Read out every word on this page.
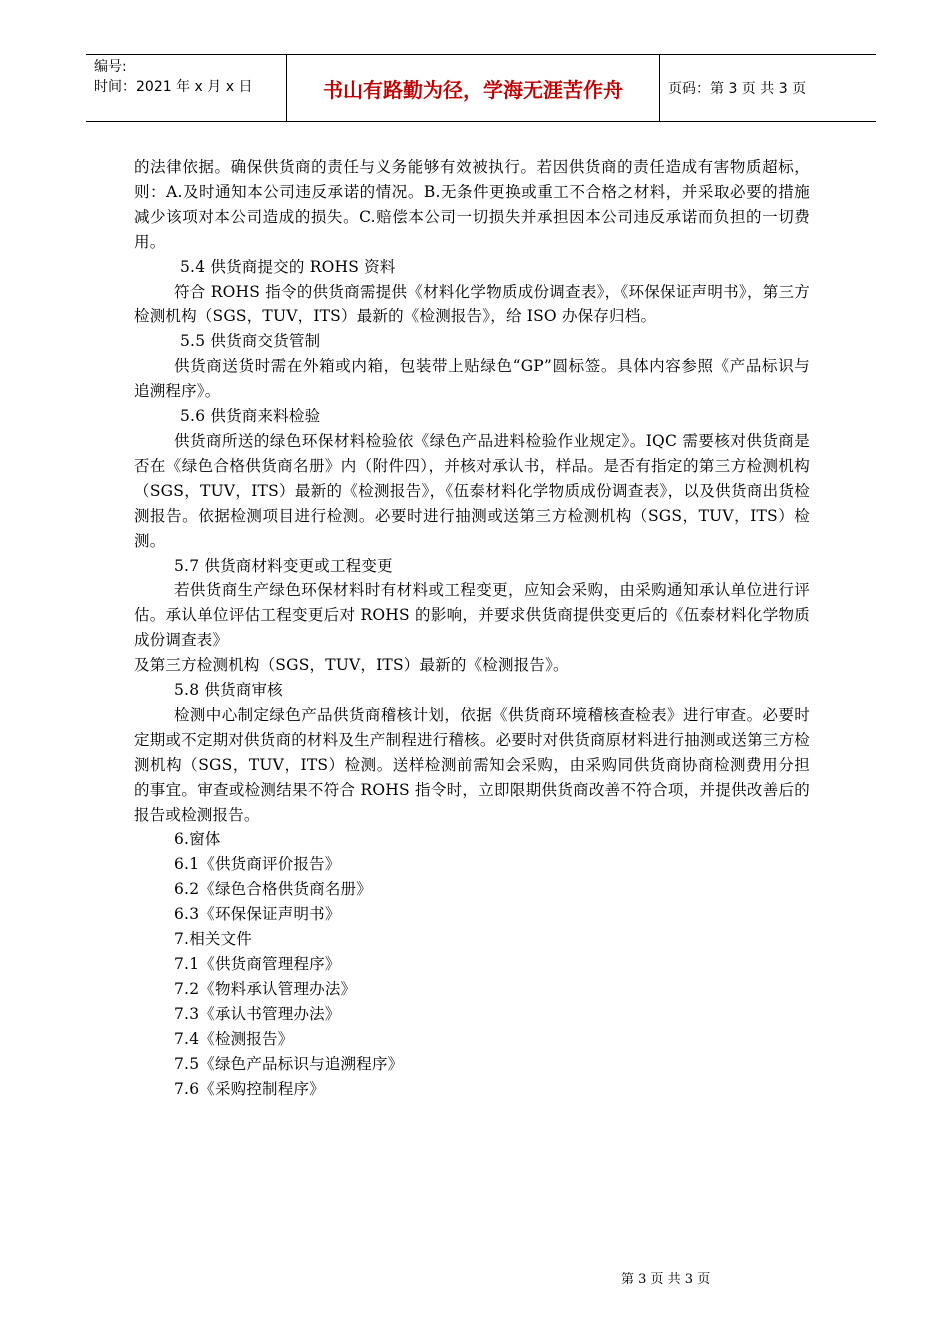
编号:
时间：2021 年 x 月 x 日	书山有路勤为径，学海无涯苦作舟	页码：第 3 页 共 3 页

的法律依据。确保供货商的责任与义务能够有效被执行。若因供货商的责任造成有害物质超标，则：A.及时通知本公司违反承诺的情况。B.无条件更换或重工不合格之材料，并采取必要的措施减少该项对本公司造成的损失。C.赔偿本公司一切损失并承担因本公司违反承诺而负担的一切费用。

5.4 供货商提交的 ROHS 资料

符合 ROHS 指令的供货商需提供《材料化学物质成份调查表》，《环保保证声明书》，第三方检测机构（SGS，TUV，ITS）最新的《检测报告》，给 ISO 办保存归档。

5.5 供货商交货管制

供货商送货时需在外箱或内箱，包装带上贴绿色“GP”圆标签。具体内容参照《产品标识与追溯程序》。

5.6 供货商来料检验

供货商所送的绿色环保材料检验依《绿色产品进料检验作业规定》。IQC 需要核对供货商是否在《绿色合格供货商名册》内（附件四），并核对承认书，样品。是否有指定的第三方检测机构（SGS，TUV，ITS）最新的《检测报告》，《伍泰材料化学物质成份调查表》，以及供货商出货检测报告。依据检测项目进行检测。必要时进行抽测或送第三方检测机构（SGS，TUV，ITS）检测。

5.7 供货商材料变更或工程变更

若供货商生产绿色环保材料时有材料或工程变更，应知会采购，由采购通知承认单位进行评估。承认单位评估工程变更后对 ROHS 的影响，并要求供货商提供变更后的《伍泰材料化学物质成份调查表》

及第三方检测机构（SGS，TUV，ITS）最新的《检测报告》。

5.8 供货商审核

检测中心制定绿色产品供货商稽核计划，依据《供货商环境稽核查检表》进行审查。必要时定期或不定期对供货商的材料及生产制程进行稽核。必要时对供货商原材料进行抽测或送第三方检测机构（SGS，TUV，ITS）检测。送样检测前需知会采购，由采购同供货商协商检测费用分担的事宜。审查或检测结果不符合 ROHS 指令时，立即限期供货商改善不符合项，并提供改善后的报告或检测报告。

6.窗体

6.1《供货商评价报告》

6.2《绿色合格供货商名册》

6.3《环保保证声明书》

7.相关文件

7.1《供货商管理程序》

7.2《物料承认管理办法》

7.3《承认书管理办法》

7.4《检测报告》

7.5《绿色产品标识与追溯程序》

7.6《采购控制程序》

第 3 页 共 3 页
